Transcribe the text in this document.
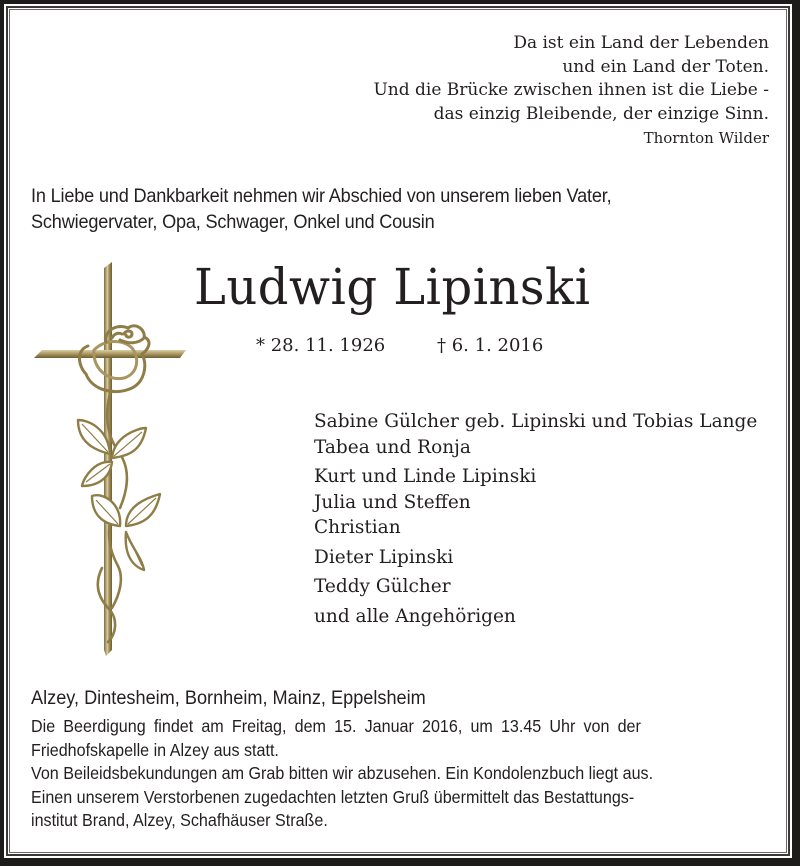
Da ist ein Land der Lebenden
und ein Land der Toten.
Und die Brücke zwischen ihnen ist die Liebe -
das einzig Bleibende, der einzige Sinn.
Thornton Wilder
In Liebe und Dankbarkeit nehmen wir Abschied von unserem lieben Vater,
Schwiegervater, Opa, Schwager, Onkel und Cousin
Ludwig Lipinski
* 28. 11. 1926	† 6. 1. 2016
Sabine Gülcher geb. Lipinski und Tobias Lange
Tabea und Ronja
Kurt und Linde Lipinski
Julia und Steffen
Christian
Dieter Lipinski
Teddy Gülcher
und alle Angehörigen
Alzey, Dintesheim, Bornheim, Mainz, Eppelsheim
Die Beerdigung findet am Freitag, dem 15. Januar 2016, um 13.45 Uhr von der
Friedhofskapelle in Alzey aus statt.
Von Beileidsbekundungen am Grab bitten wir abzusehen. Ein Kondolenzbuch liegt aus.
Einen unserem Verstorbenen zugedachten letzten Gruß übermittelt das Bestattungs-
institut Brand, Alzey, Schafhäuser Straße.
